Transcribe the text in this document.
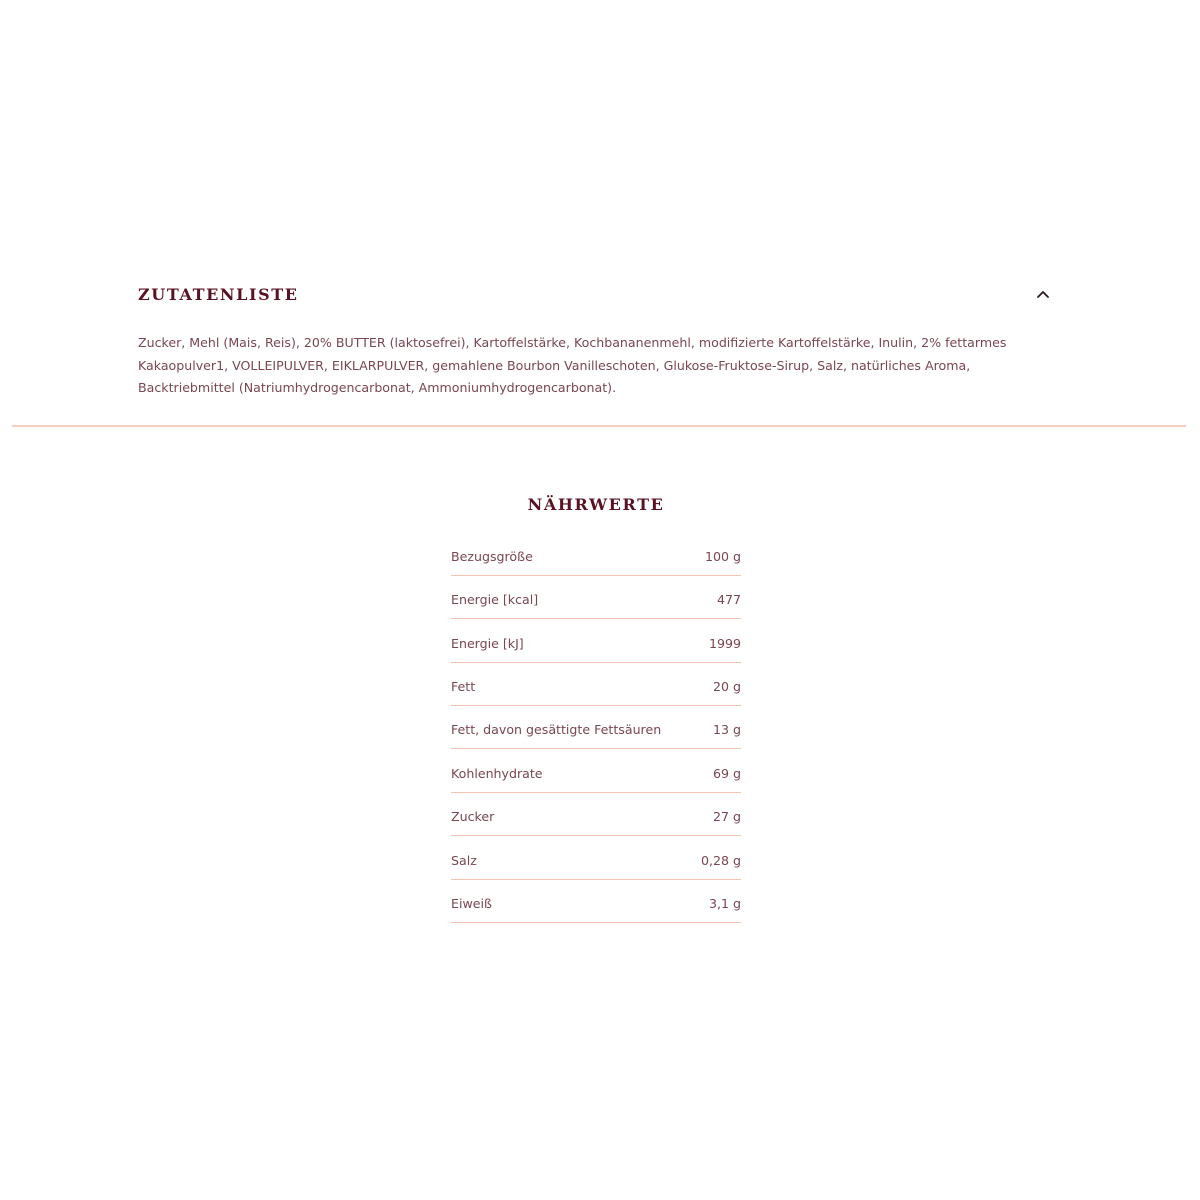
ZUTATENLISTE

Zucker, Mehl (Mais, Reis), 20% BUTTER (laktosefrei), Kartoffelstärke, Kochbananenmehl, modifizierte Kartoffelstärke, Inulin, 2% fettarmes Kakaopulver1, VOLLEIPULVER, EIKLARPULVER, gemahlene Bourbon Vanilleschoten, Glukose-Fruktose-Sirup, Salz, natürliches Aroma, Backtriebmittel (Natriumhydrogencarbonat, Ammoniumhydrogencarbonat).

NÄHRWERTE
Bezugsgröße	100 g
Energie [kcal]	477
Energie [kJ]	1999
Fett	20 g
Fett, davon gesättigte Fettsäuren	13 g
Kohlenhydrate	69 g
Zucker	27 g
Salz	0,28 g
Eiweiß	3,1 g
